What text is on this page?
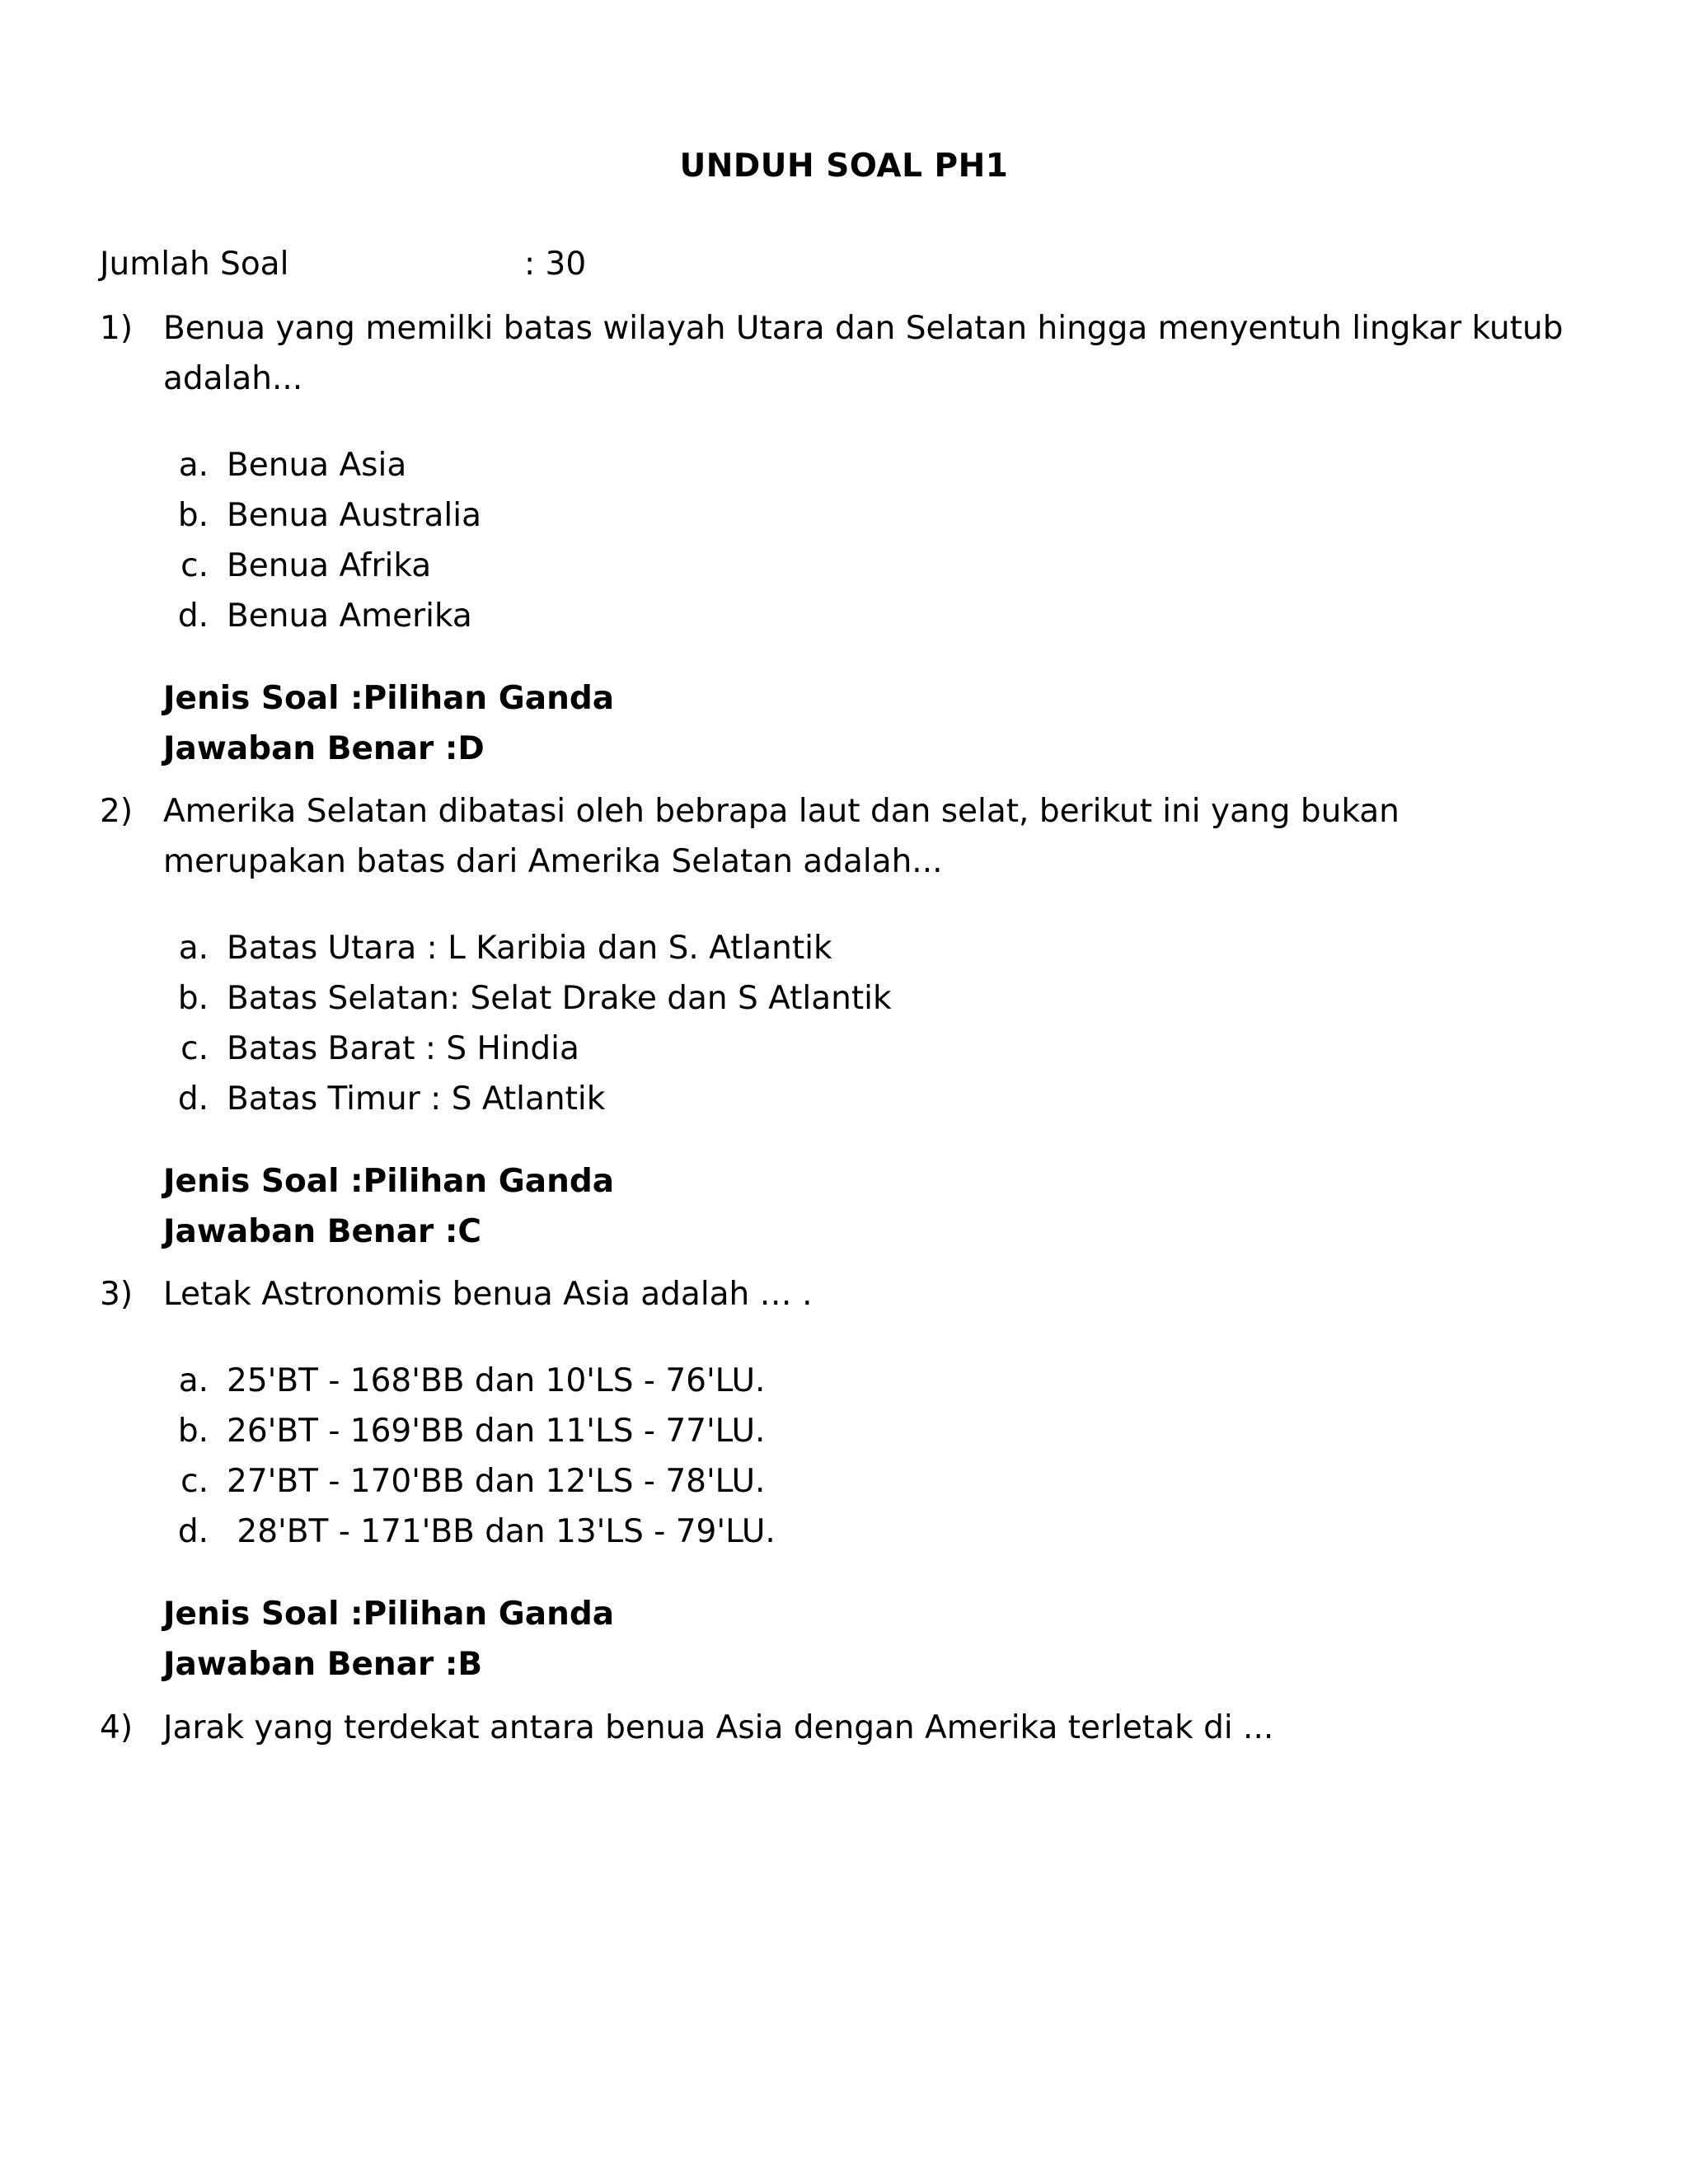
UNDUH SOAL PH1
Jumlah Soal	: 30
1) Benua yang memilki batas wilayah Utara dan Selatan hingga menyentuh lingkar kutub adalah...
a. Benua Asia
b. Benua Australia
c. Benua Afrika
d. Benua Amerika
Jenis Soal :Pilihan Ganda
Jawaban Benar :D
2) Amerika Selatan dibatasi oleh bebrapa laut dan selat, berikut ini yang bukan merupakan batas dari Amerika Selatan adalah...
a. Batas Utara : L Karibia dan S. Atlantik
b. Batas Selatan: Selat Drake dan S Atlantik
c. Batas Barat : S Hindia
d. Batas Timur : S Atlantik
Jenis Soal :Pilihan Ganda
Jawaban Benar :C
3) Letak Astronomis benua Asia adalah … .
a. 25'BT - 168'BB dan 10'LS - 76'LU.
b. 26'BT - 169'BB dan 11'LS - 77'LU.
c. 27'BT - 170'BB dan 12'LS - 78'LU.
d. 28'BT - 171'BB dan 13'LS - 79'LU.
Jenis Soal :Pilihan Ganda
Jawaban Benar :B
4) Jarak yang terdekat antara benua Asia dengan Amerika terletak di ...
